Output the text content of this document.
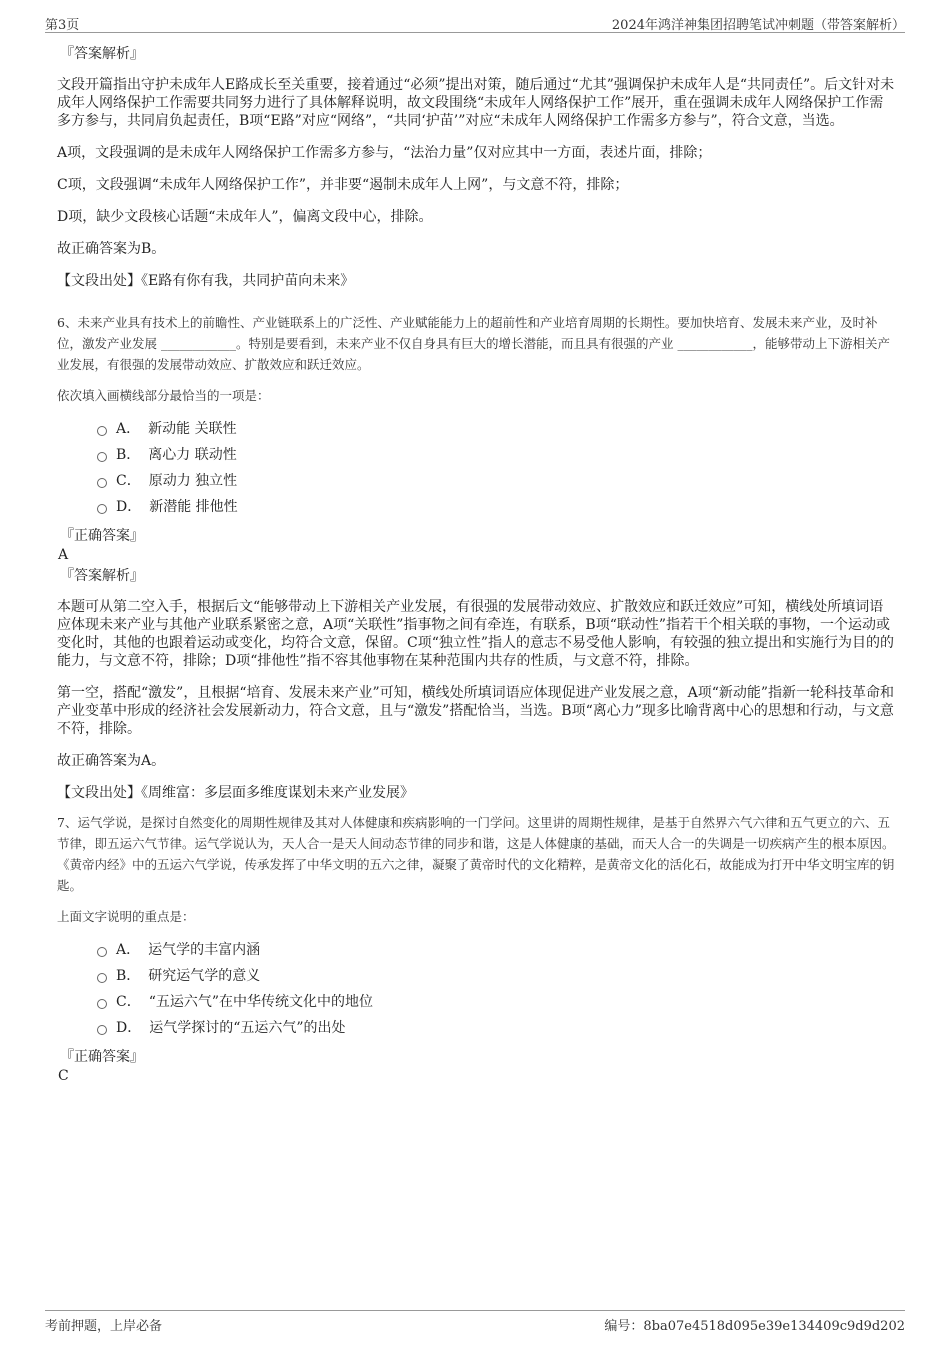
第3页	2024年鸿洋神集团招聘笔试冲刺题（带答案解析）
『答案解析』

文段开篇指出守护未成年人E路成长至关重要，接着通过“必须”提出对策，随后通过“尤其”强调保护未成年人是“共同责任”。后文针对未成年人网络保护工作需要共同努力进行了具体解释说明，故文段围绕“未成年人网络保护工作”展开，重在强调未成年人网络保护工作需多方参与，共同肩负起责任，B项“E路”对应“网络”，“共同‘护苗’”对应“未成年人网络保护工作需多方参与”，符合文意，当选。

A项，文段强调的是未成年人网络保护工作需多方参与，“法治力量”仅对应其中一方面，表述片面，排除；

C项，文段强调“未成年人网络保护工作”，并非要“遏制未成年人上网”，与文意不符，排除；

D项，缺少文段核心话题“未成年人”，偏离文段中心，排除。

故正确答案为B。

【文段出处】《E路有你有我，共同护苗向未来》

6、未来产业具有技术上的前瞻性、产业链联系上的广泛性、产业赋能能力上的超前性和产业培育周期的长期性。要加快培育、发展未来产业，及时补位，激发产业发展 ____________。特别是要看到，未来产业不仅自身具有巨大的增长潜能，而且具有很强的产业 ____________，能够带动上下游相关产业发展，有很强的发展带动效应、扩散效应和跃迁效应。

依次填入画横线部分最恰当的一项是：

A． 新动能 关联性
B． 离心力 联动性
C． 原动力 独立性
D． 新潜能 排他性
『正确答案』
A
『答案解析』

本题可从第二空入手，根据后文“能够带动上下游相关产业发展，有很强的发展带动效应、扩散效应和跃迁效应”可知，横线处所填词语应体现未来产业与其他产业联系紧密之意，A项“关联性”指事物之间有牵连，有联系，B项“联动性”指若干个相关联的事物，一个运动或变化时，其他的也跟着运动或变化，均符合文意，保留。C项“独立性”指人的意志不易受他人影响，有较强的独立提出和实施行为目的的能力，与文意不符，排除；D项“排他性”指不容其他事物在某种范围内共存的性质，与文意不符，排除。

第一空，搭配“激发”，且根据“培育、发展未来产业”可知，横线处所填词语应体现促进产业发展之意，A项“新动能”指新一轮科技革命和产业变革中形成的经济社会发展新动力，符合文意，且与“激发”搭配恰当，当选。B项“离心力”现多比喻背离中心的思想和行动，与文意不符，排除。

故正确答案为A。

【文段出处】《周维富：多层面多维度谋划未来产业发展》

7、运气学说，是探讨自然变化的周期性规律及其对人体健康和疾病影响的一门学问。这里讲的周期性规律，是基于自然界六气六律和五气更立的六、五节律，即五运六气节律。运气学说认为，天人合一是天人间动态节律的同步和谐，这是人体健康的基础，而天人合一的失调是一切疾病产生的根本原因。《黄帝内经》中的五运六气学说，传承发挥了中华文明的五六之律，凝聚了黄帝时代的文化精粹，是黄帝文化的活化石，故能成为打开中华文明宝库的钥匙。

上面文字说明的重点是：

A． 运气学的丰富内涵
B． 研究运气学的意义
C． “五运六气”在中华传统文化中的地位
D． 运气学探讨的“五运六气”的出处
『正确答案』
C
考前押题，上岸必备	编号：8ba07e4518d095e39e134409c9d9d202
